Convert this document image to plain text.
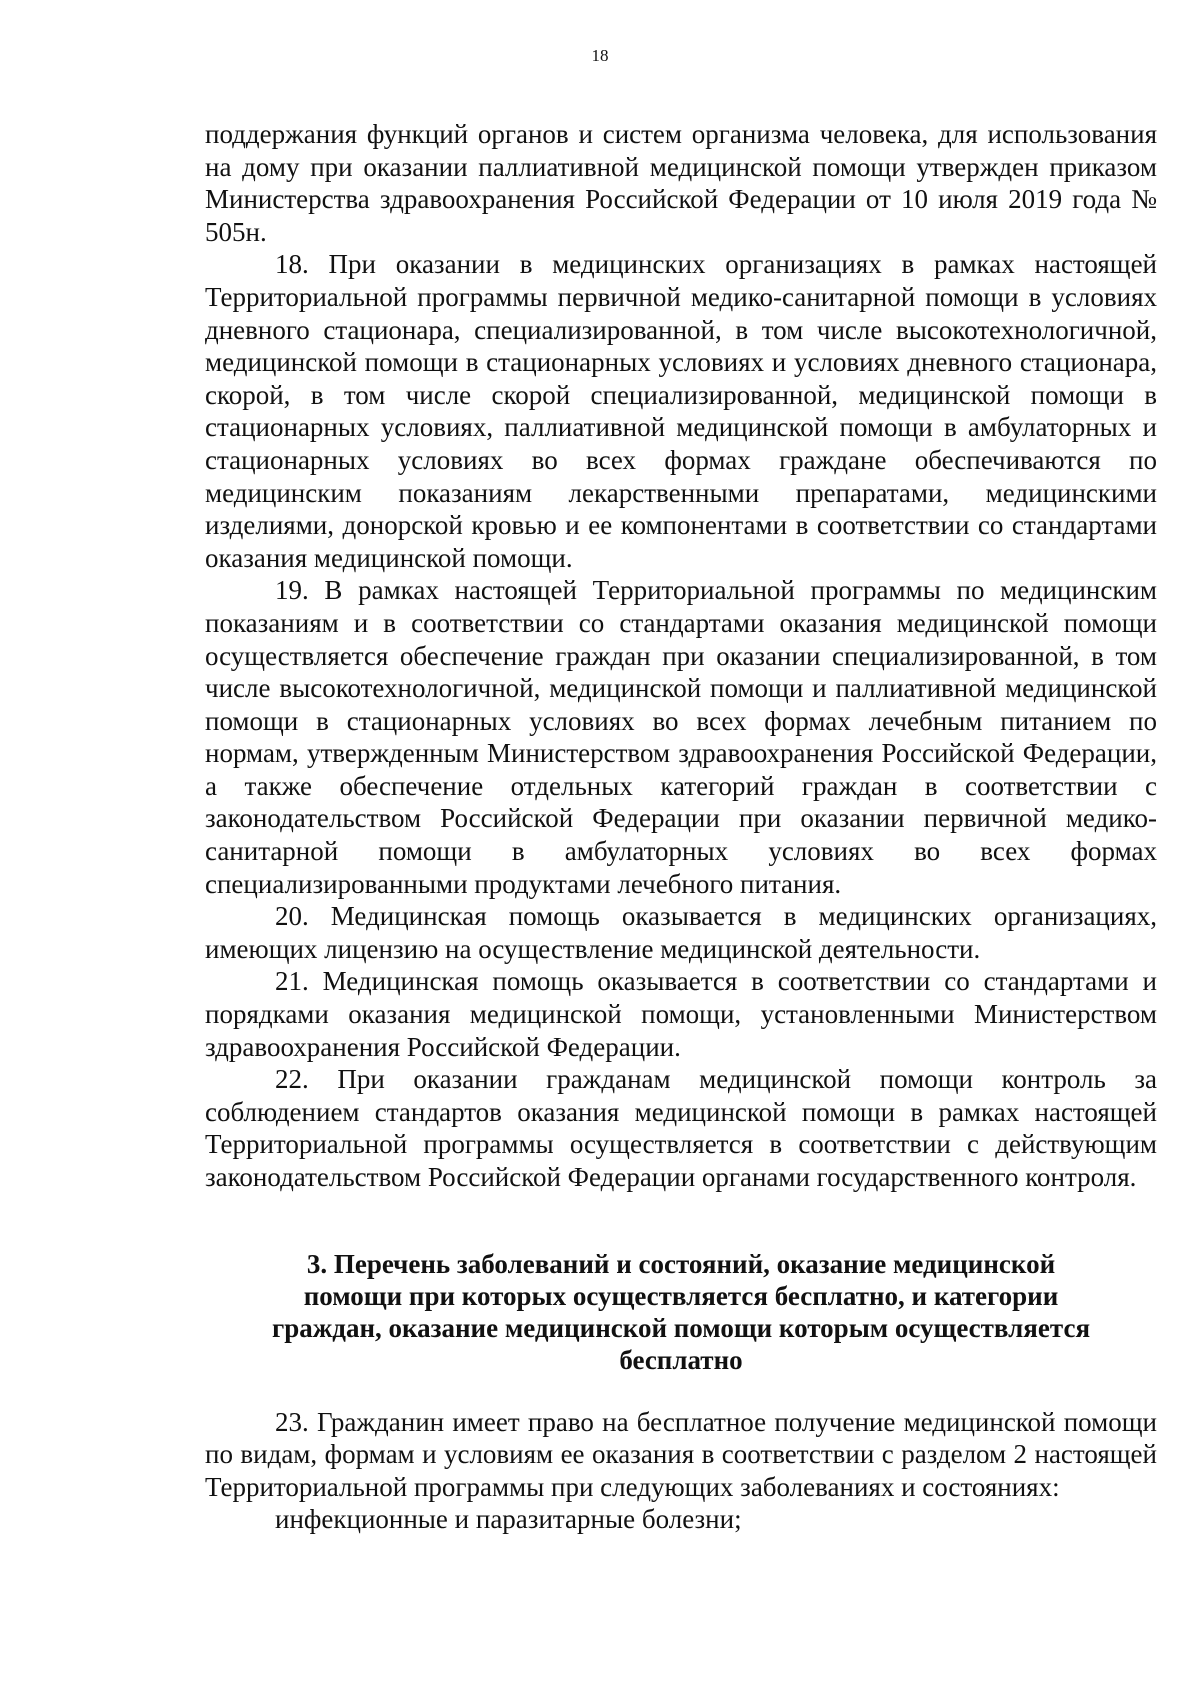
18

поддержания функций органов и систем организма человека, для использования на дому при оказании паллиативной медицинской помощи утвержден приказом Министерства здравоохранения Российской Федерации от 10 июля 2019 года № 505н.

18. При оказании в медицинских организациях в рамках настоящей Территориальной программы первичной медико-санитарной помощи в условиях дневного стационара, специализированной, в том числе высокотехнологичной, медицинской помощи в стационарных условиях и условиях дневного стационара, скорой, в том числе скорой специализированной, медицинской помощи в стационарных условиях, паллиативной медицинской помощи в амбулаторных и стационарных условиях во всех формах граждане обеспечиваются по медицинским показаниям лекарственными препаратами, медицинскими изделиями, донорской кровью и ее компонентами в соответствии со стандартами оказания медицинской помощи.

19. В рамках настоящей Территориальной программы по медицинским показаниям и в соответствии со стандартами оказания медицинской помощи осуществляется обеспечение граждан при оказании специализированной, в том числе высокотехнологичной, медицинской помощи и паллиативной медицинской помощи в стационарных условиях во всех формах лечебным питанием по нормам, утвержденным Министерством здравоохранения Российской Федерации, а также обеспечение отдельных категорий граждан в соответствии с законодательством Российской Федерации при оказании первичной медико-санитарной помощи в амбулаторных условиях во всех формах специализированными продуктами лечебного питания.

20. Медицинская помощь оказывается в медицинских организациях, имеющих лицензию на осуществление медицинской деятельности.

21. Медицинская помощь оказывается в соответствии со стандартами и порядками оказания медицинской помощи, установленными Министерством здравоохранения Российской Федерации.

22. При оказании гражданам медицинской помощи контроль за соблюдением стандартов оказания медицинской помощи в рамках настоящей Территориальной программы осуществляется в соответствии с действующим законодательством Российской Федерации органами государственного контроля.

3. Перечень заболеваний и состояний, оказание медицинской помощи при которых осуществляется бесплатно, и категории граждан, оказание медицинской помощи которым осуществляется бесплатно

23. Гражданин имеет право на бесплатное получение медицинской помощи по видам, формам и условиям ее оказания в соответствии с разделом 2 настоящей Территориальной программы при следующих заболеваниях и состояниях:

инфекционные и паразитарные болезни;
